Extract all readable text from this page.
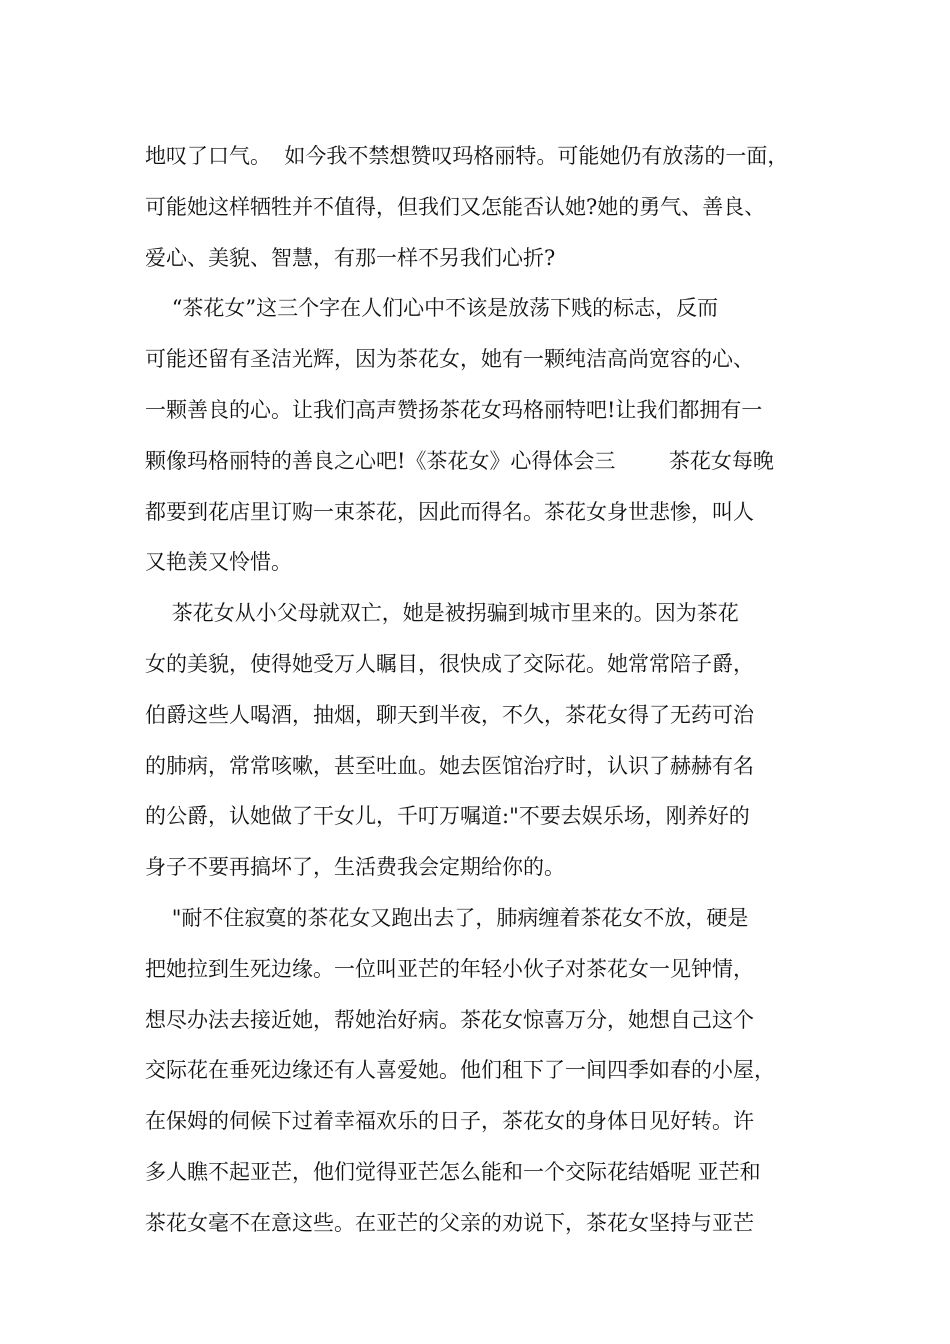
地叹了口气。  如今我不禁想赞叹玛格丽特。可能她仍有放荡的一面，
可能她这样牺牲并不值得，但我们又怎能否认她?她的勇气、善良、
爱心、美貌、智慧，有那一样不另我们心折?
“茶花女”这三个字在人们心中不该是放荡下贱的标志，反而
可能还留有圣洁光辉，因为茶花女，她有一颗纯洁高尚宽容的心、
一颗善良的心。让我们高声赞扬茶花女玛格丽特吧!让我们都拥有一
颗像玛格丽特的善良之心吧!《茶花女》心得体会三        茶花女每晚
都要到花店里订购一束茶花，因此而得名。茶花女身世悲惨，叫人
又艳羡又怜惜。
茶花女从小父母就双亡，她是被拐骗到城市里来的。因为茶花
女的美貌，使得她受万人瞩目，很快成了交际花。她常常陪子爵，
伯爵这些人喝酒，抽烟，聊天到半夜，不久，茶花女得了无药可治
的肺病，常常咳嗽，甚至吐血。她去医馆治疗时，认识了赫赫有名
的公爵，认她做了干女儿，千叮万嘱道:"不要去娱乐场，刚养好的
身子不要再搞坏了，生活费我会定期给你的。
"耐不住寂寞的茶花女又跑出去了，肺病缠着茶花女不放，硬是
把她拉到生死边缘。一位叫亚芒的年轻小伙子对茶花女一见钟情，
想尽办法去接近她，帮她治好病。茶花女惊喜万分，她想自己这个
交际花在垂死边缘还有人喜爱她。他们租下了一间四季如春的小屋，
在保姆的伺候下过着幸福欢乐的日子，茶花女的身体日见好转。许
多人瞧不起亚芒，他们觉得亚芒怎么能和一个交际花结婚呢 亚芒和
茶花女毫不在意这些。在亚芒的父亲的劝说下，茶花女坚持与亚芒
